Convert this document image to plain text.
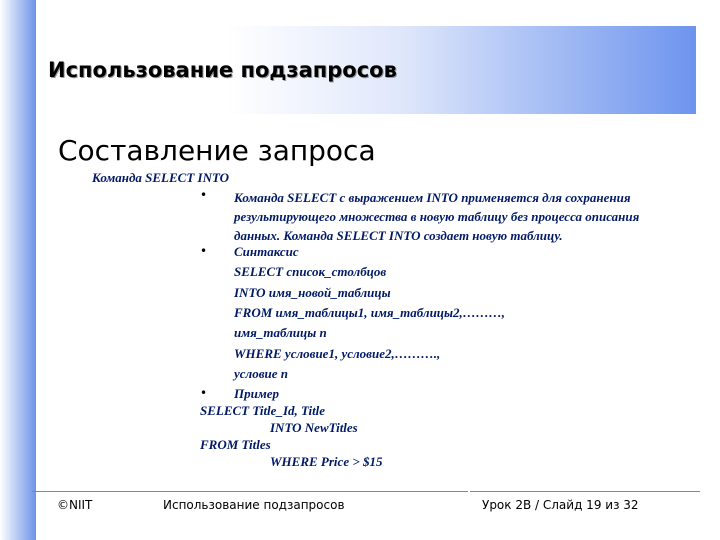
Использование подзапросов
Составление запроса
Команда SELECT INTO
• Команда SELECT с выражением INTO применяется для сохранения результирующего множества в новую таблицу без процесса описания данных. Команда SELECT INTO создает новую таблицу.
• Синтаксис
SELECT список_столбцов
INTO имя_новой_таблицы
FROM имя_таблицы1, имя_таблицы2,………,
имя_таблицы n
WHERE условие1, условие2,……….,
условие n
• Пример
SELECT Title_Id, Title
INTO NewTitles
FROM Titles
WHERE Price > $15
©NIIT	Использование подзапросов	Урок 2B / Слайд 19 из 32
